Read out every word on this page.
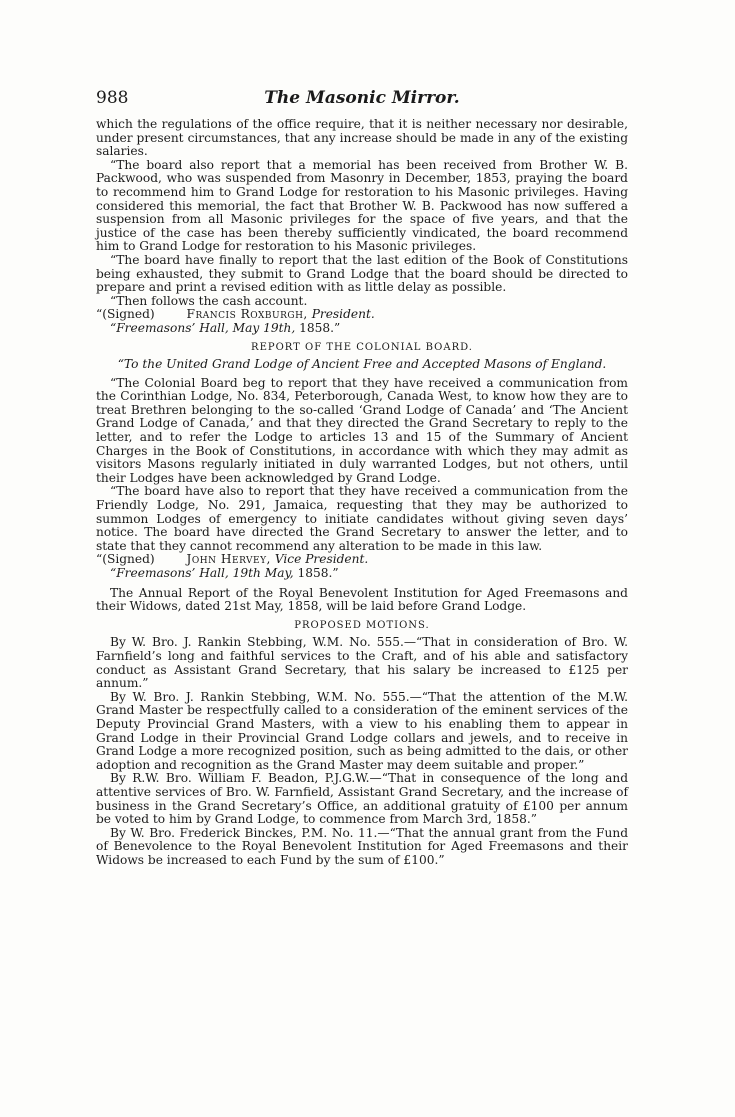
988	The Masonic Mirror.

which the regulations of the office require, that it is neither necessary nor desirable, under present circumstances, that any increase should be made in any of the existing salaries.

“The board also report that a memorial has been received from Brother W. B. Packwood, who was suspended from Masonry in December, 1853, praying the board to recommend him to Grand Lodge for restoration to his Masonic privileges. Having considered this memorial, the fact that Brother W. B. Packwood has now suffered a suspension from all Masonic privileges for the space of five years, and that the justice of the case has been thereby sufficiently vindicated, the board recommend him to Grand Lodge for restoration to his Masonic privileges.

“The board have finally to report that the last edition of the Book of Constitutions being exhausted, they submit to Grand Lodge that the board should be directed to prepare and print a revised edition with as little delay as possible.

“Then follows the cash account.

“(Signed)	Francis Roxburgh, President.

“Freemasons’ Hall, May 19th, 1858.”

REPORT OF THE COLONIAL BOARD.
“To the United Grand Lodge of Ancient Free and Accepted Masons of England.

“The Colonial Board beg to report that they have received a communication from the Corinthian Lodge, No. 834, Peterborough, Canada West, to know how they are to treat Brethren belonging to the so-called ‘Grand Lodge of Canada’ and ‘The Ancient Grand Lodge of Canada,’ and that they directed the Grand Secretary to reply to the letter, and to refer the Lodge to articles 13 and 15 of the Summary of Ancient Charges in the Book of Constitutions, in accordance with which they may admit as visitors Masons regularly initiated in duly warranted Lodges, but not others, until their Lodges have been acknowledged by Grand Lodge.

“The board have also to report that they have received a communication from the Friendly Lodge, No. 291, Jamaica, requesting that they may be authorized to summon Lodges of emergency to initiate candidates without giving seven days’ notice. The board have directed the Grand Secretary to answer the letter, and to state that they cannot recommend any alteration to be made in this law.

“(Signed)	John Hervey, Vice President.

“Freemasons’ Hall, 19th May, 1858.”

The Annual Report of the Royal Benevolent Institution for Aged Freemasons and their Widows, dated 21st May, 1858, will be laid before Grand Lodge.

PROPOSED MOTIONS.

By W. Bro. J. Rankin Stebbing, W.M. No. 555.—“That in consideration of Bro. W. Farnfield’s long and faithful services to the Craft, and of his able and satisfactory conduct as Assistant Grand Secretary, that his salary be increased to £125 per annum.”

By W. Bro. J. Rankin Stebbing, W.M. No. 555.—“That the attention of the M.W. Grand Master be respectfully called to a consideration of the eminent services of the Deputy Provincial Grand Masters, with a view to his enabling them to appear in Grand Lodge in their Provincial Grand Lodge collars and jewels, and to receive in Grand Lodge a more recognized position, such as being admitted to the dais, or other adoption and recognition as the Grand Master may deem suitable and proper.”

By R.W. Bro. William F. Beadon, P.J.G.W.—“That in consequence of the long and attentive services of Bro. W. Farnfield, Assistant Grand Secretary, and the increase of business in the Grand Secretary’s Office, an additional gratuity of £100 per annum be voted to him by Grand Lodge, to commence from March 3rd, 1858.”

By W. Bro. Frederick Binckes, P.M. No. 11.—“That the annual grant from the Fund of Benevolence to the Royal Benevolent Institution for Aged Freemasons and their Widows be increased to each Fund by the sum of £100.”
